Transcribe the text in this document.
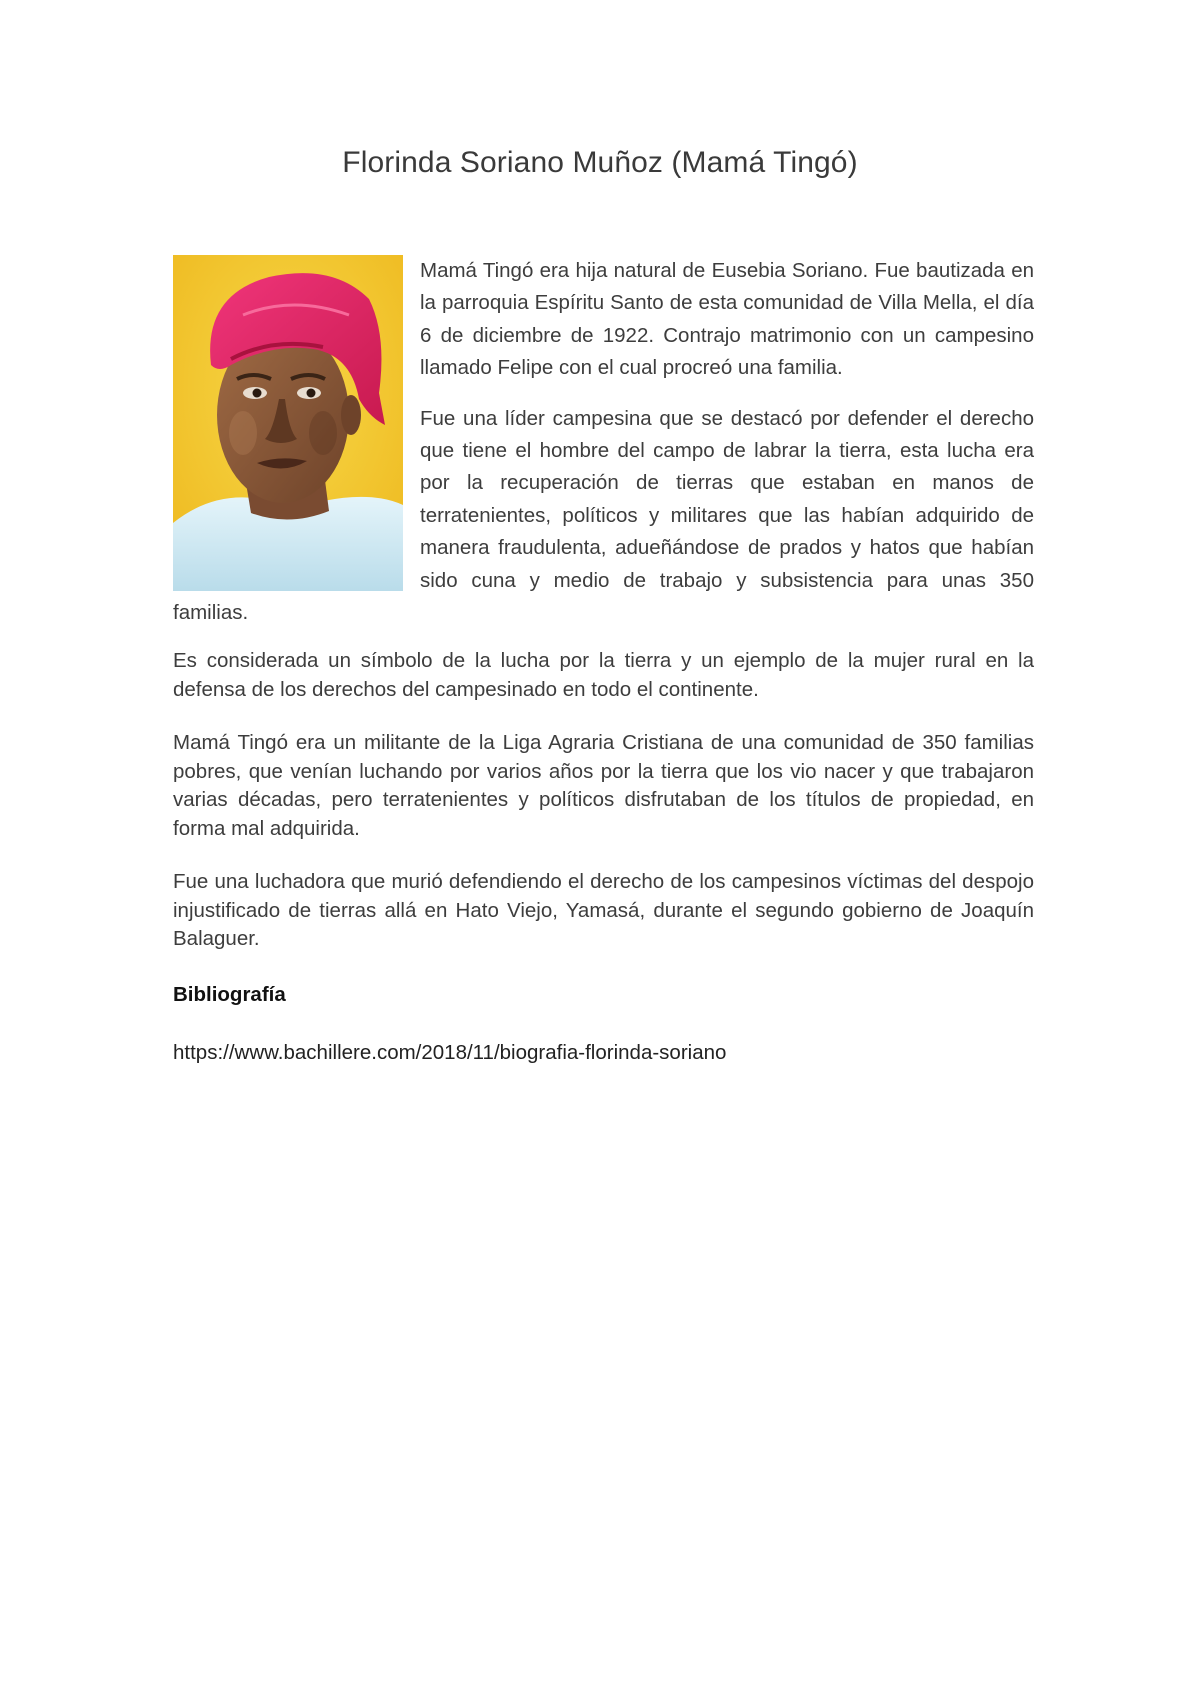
Florinda Soriano Muñoz (Mamá Tingó)

Mamá Tingó era hija natural de Eusebia Soriano. Fue bautizada en la parroquia Espíritu Santo de esta comunidad de Villa Mella, el día 6 de diciembre de 1922. Contrajo matrimonio con un campesino llamado Felipe con el cual procreó una familia.

Fue una líder campesina que se destacó por defender el derecho que tiene el hombre del campo de labrar la tierra, esta lucha era por la recuperación de tierras que estaban en manos de terratenientes, políticos y militares que las habían adquirido de manera fraudulenta, adueñándose de prados y hatos que habían sido cuna y medio de trabajo y subsistencia para unas 350 familias.

Es considerada un símbolo de la lucha por la tierra y un ejemplo de la mujer rural en la defensa de los derechos del campesinado en todo el continente.

Mamá Tingó era un militante de la Liga Agraria Cristiana de una comunidad de 350 familias pobres, que venían luchando por varios años por la tierra que los vio nacer y que trabajaron varias décadas, pero terratenientes y políticos disfrutaban de los títulos de propiedad, en forma mal adquirida.

Fue una luchadora que murió defendiendo el derecho de los campesinos víctimas del despojo injustificado de tierras allá en Hato Viejo, Yamasá, durante el segundo gobierno de Joaquín Balaguer.

Bibliografía

https://www.bachillere.com/2018/11/biografia-florinda-soriano
